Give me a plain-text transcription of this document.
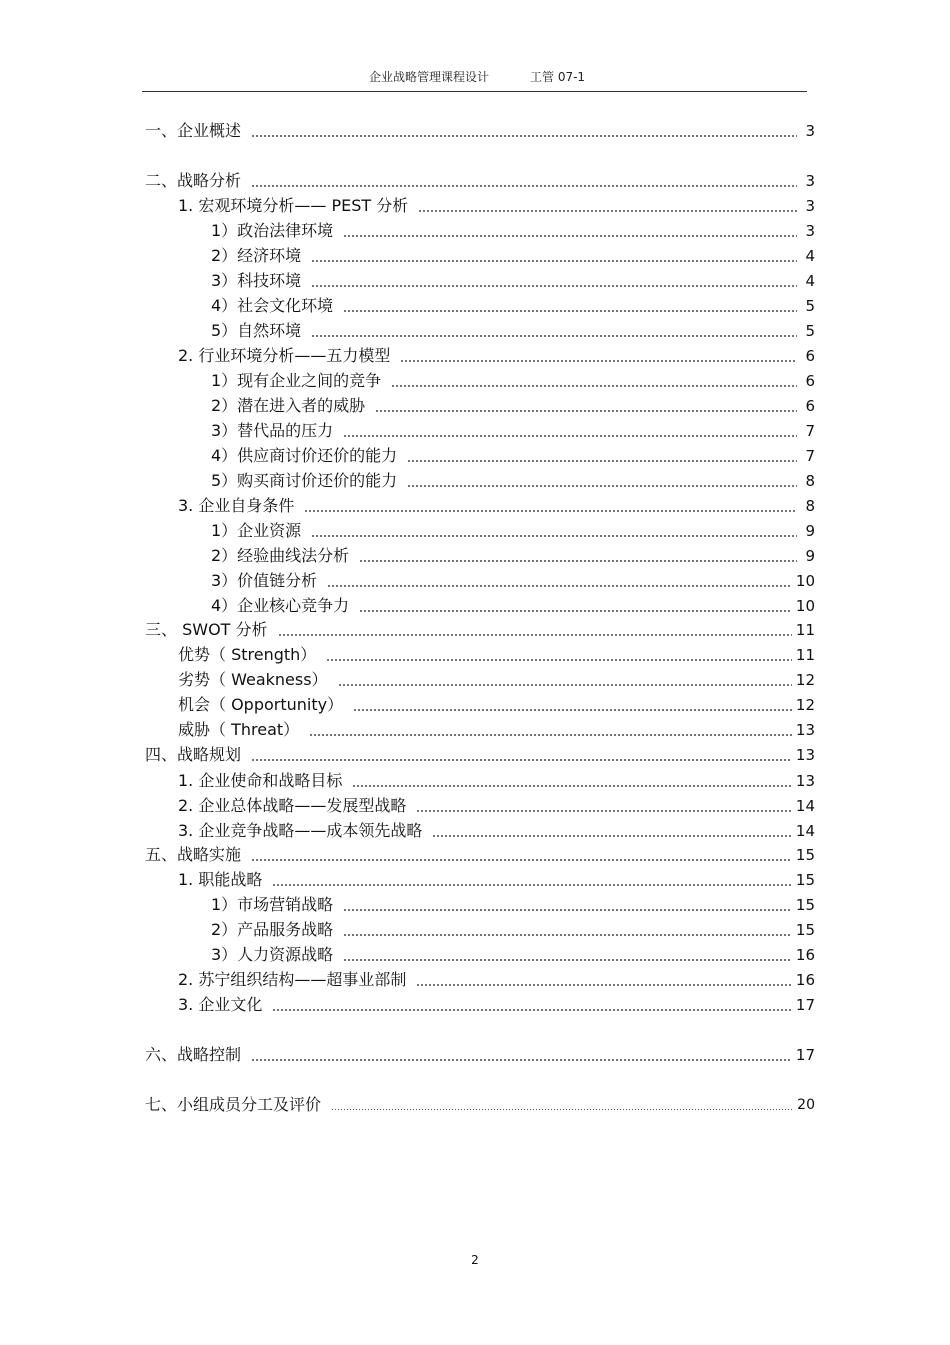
企业战略管理课程设计	工管 07-1
一、企业概述	3
二、战略分析	3
1. 宏观环境分析—— PEST 分析	3
1）政治法律环境	3
2）经济环境	4
3）科技环境	4
4）社会文化环境	5
5）自然环境	5
2. 行业环境分析——五力模型	6
1）现有企业之间的竞争	6
2）潜在进入者的威胁	6
3）替代品的压力	7
4）供应商讨价还价的能力	7
5）购买商讨价还价的能力	8
3. 企业自身条件	8
1）企业资源	9
2）经验曲线法分析	9
3）价值链分析	10
4）企业核心竞争力	10
三、 SWOT 分析	11
优势（ Strength）	11
劣势（ Weakness）	12
机会（ Opportunity）	12
威胁（ Threat）	13
四、战略规划	13
1. 企业使命和战略目标	13
2. 企业总体战略——发展型战略	14
3. 企业竞争战略——成本领先战略	14
五、战略实施	15
1. 职能战略	15
1）市场营销战略	15
2）产品服务战略	15
3）人力资源战略	16
2. 苏宁组织结构——超事业部制	16
3. 企业文化	17
六、战略控制	17
七、小组成员分工及评价	20
2
